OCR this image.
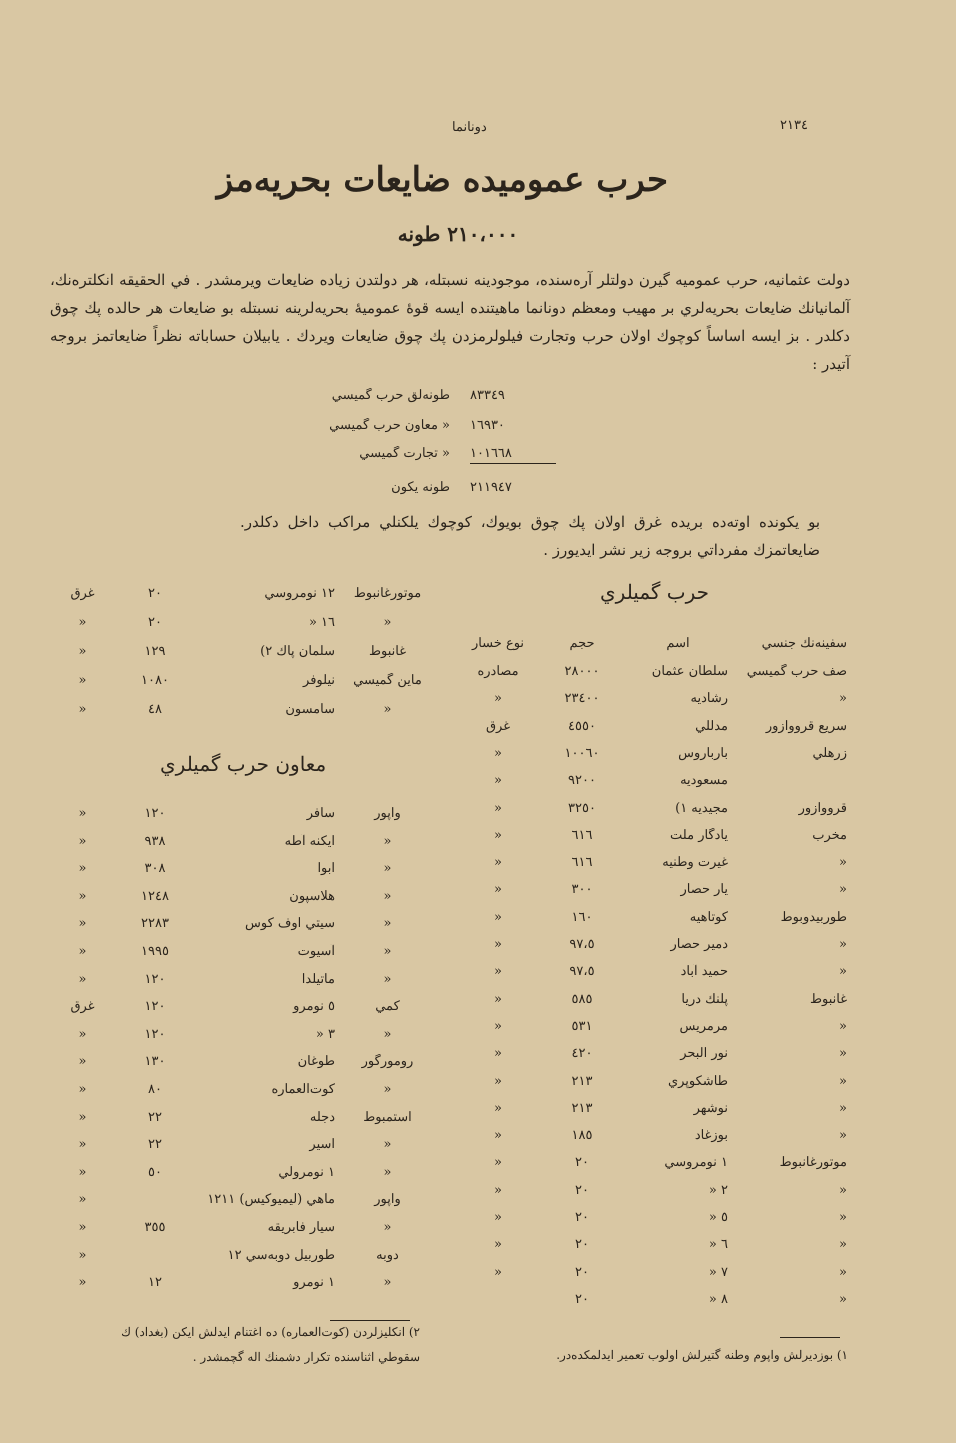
٢١٣٤
دونانما
حرب عموميده ضايعات بحريه‌مز
٢١٠،٠٠٠ طونه
دولت عثمانيه، حرب عموميه گيرن دولتلر آره‌سنده، موجودينه نسبتله، هر دولتدن زياده ضايعات ويرمشدر . في الحقيقه انكلتره‌نك، آلمانيانك ضايعات بحريه‌لري بر مهيب ومعظم دونانما ماهيتنده ايسه قوهٔ عموميهٔ بحريه‌لرينه نسبتله بو ضايعات هر حالده پك چوق دكلدر . بز ايسه اساساً كوچوك اولان حرب وتجارت فيلولرمزدن پك چوق ضايعات ويردك . يابيلان حساباته نظراً ضايعاتمز بروجه آتيدر :
٨٣٣٤٩
طونه‌لق حرب گميسي
١٦٩٣٠
« معاون حرب گميسي
١٠١٦٦٨
« تجارت گميسي
٢١١٩٤٧
طونه يكون
بو يكونده اوته‌ده بريده غرق اولان پك چوق بويوك، كوچوك يلكنلي مراكب داخل دكلدر. ضايعاتمزك مفرداتي بروجه زير نشر ايديورز .
حرب گميلري
معاون حرب گميلري
سفينه‌نك جنسي
اسم
حجم
نوع خسار
صف حرب گميسي
سلطان عثمان
٢٨٠٠٠
مصادره
«
رشاديه
٢٣٤٠٠
«
سريع قرووازور
مدللي
٤٥٥٠
غرق
زرهلي
باربا‌روس
١٠٠٦٠
«
مسعوديه
٩٢٠٠
«
قرووازور
مجيديه ١)
٣٢٥٠
«
مخرب
يادگار ملت
٦١٦
«
«
غيرت وطنيه
٦١٦
«
«
يار حصار
٣٠٠
«
طوربيدوبوط
كوتاهيه
١٦٠
«
«
دمير حصار
٩٧،٥
«
«
حميد آباد
٩٧،٥
«
غانبوط
پلنك دريا
٥٨٥
«
«
مرمريس
٥٣١
«
«
نور البحر
٤٢٠
«
«
طاشكوپري
٢١٣
«
«
نوشهر
٢١٣
«
«
بوزغاد
١٨٥
«
موتورغانبوط
١ نومروسي
٢٠
«
«
٢ «
٢٠
«
«
٥ «
٢٠
«
«
٦ «
٢٠
«
«
٧ «
٢٠
«
«
٨ «
٢٠
موتورغانبوط
١٢ نومروسي
٢٠
غرق
«
١٦ «
٢٠
«
غانبوط
سلمان پاك ٢)
١٢٩
«
ماين گميسي
نيلوفر
١٠٨٠
«
«
سامسون
٤٨
«
واپور
سافر
١٢٠
«
«
ايكنه آطه
٩٣٨
«
«
ابوا
٣٠٨
«
«
هلاسپون
١٢٤٨
«
«
سيتي اوف كوس
٢٢٨٣
«
«
آسيوت
١٩٩٥
«
«
ماتيلدا
١٢٠
«
كمي
٥ نومرو
١٢٠
غرق
«
٣ «
١٢٠
«
رومورگور
طوغان
١٣٠
«
«
كوت‌العماره
٨٠
«
استمبوط
دجله
٢٢
«
«
اسير
٢٢
«
«
١ نومرولي
٥٠
«
واپور
ماهي (ليميوكيس) ١٢١١
«
«
سيار فابريقه
٣٥٥
«
دوبه
طوربيل دوبه‌سي ١٢
«
«
١ نومرو
١٢
«
١) بوزديرلش واپوم وطنه گتيرلش اولوب تعمير ايدلمكده‌در.
٢) انكليزلردن (كوت‌العماره) ده اغتنام ايدلش ايكن (بغداد) ك
سقوطي اثناسنده تكرار دشمنك اله گچمشدر .
